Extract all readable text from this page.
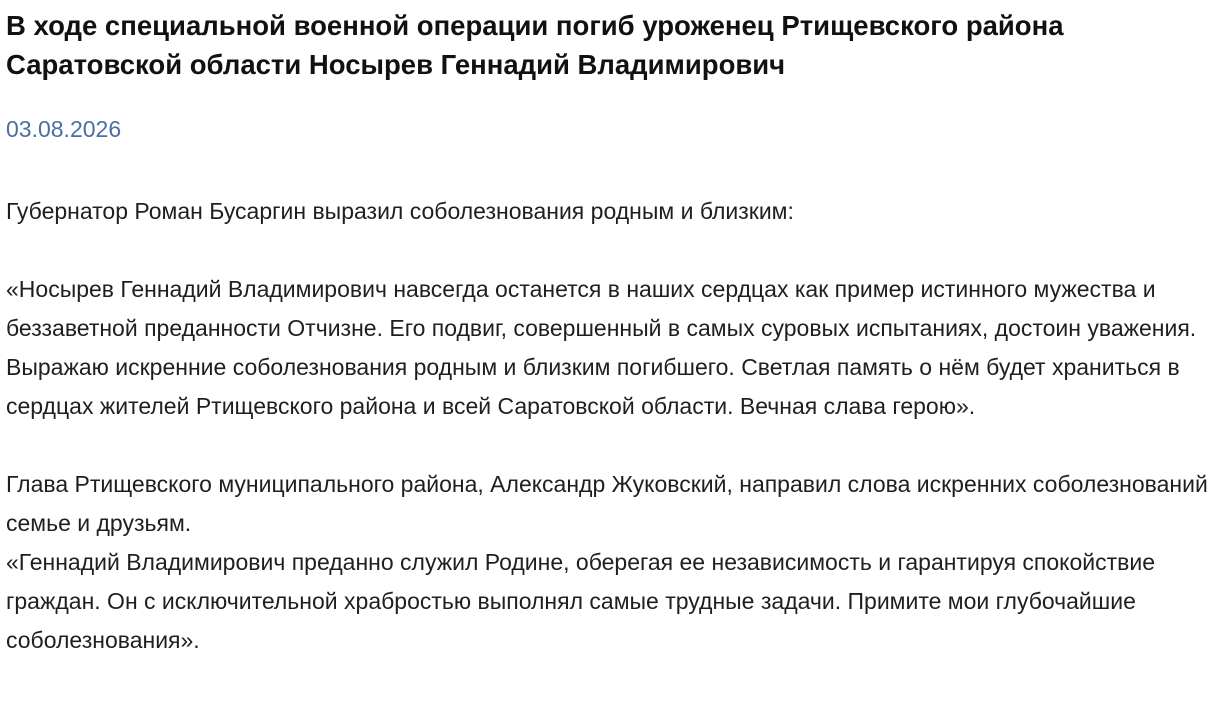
В ходе специальной военной операции погиб уроженец Ртищевского района Саратовской области Носырев Геннадий Владимирович
03.08.2026

Губернатор Роман Бусаргин выразил соболезнования родным и близким:

«Носырев Геннадий Владимирович навсегда останется в наших сердцах как пример истинного мужества и беззаветной преданности Отчизне. Его подвиг, совершенный в самых суровых испытаниях, достоин уважения. Выражаю искренние соболезнования родным и близким погибшего. Светлая память о нём будет храниться в сердцах жителей Ртищевского района и всей Саратовской области. Вечная слава герою».

Глава Ртищевского муниципального района, Александр Жуковский, направил слова искренних соболезнований семье и друзьям.

«Геннадий Владимирович преданно служил Родине, оберегая ее независимость и гарантируя спокойствие граждан. Он с исключительной храбростью выполнял самые трудные задачи. Примите мои глубочайшие соболезнования».
